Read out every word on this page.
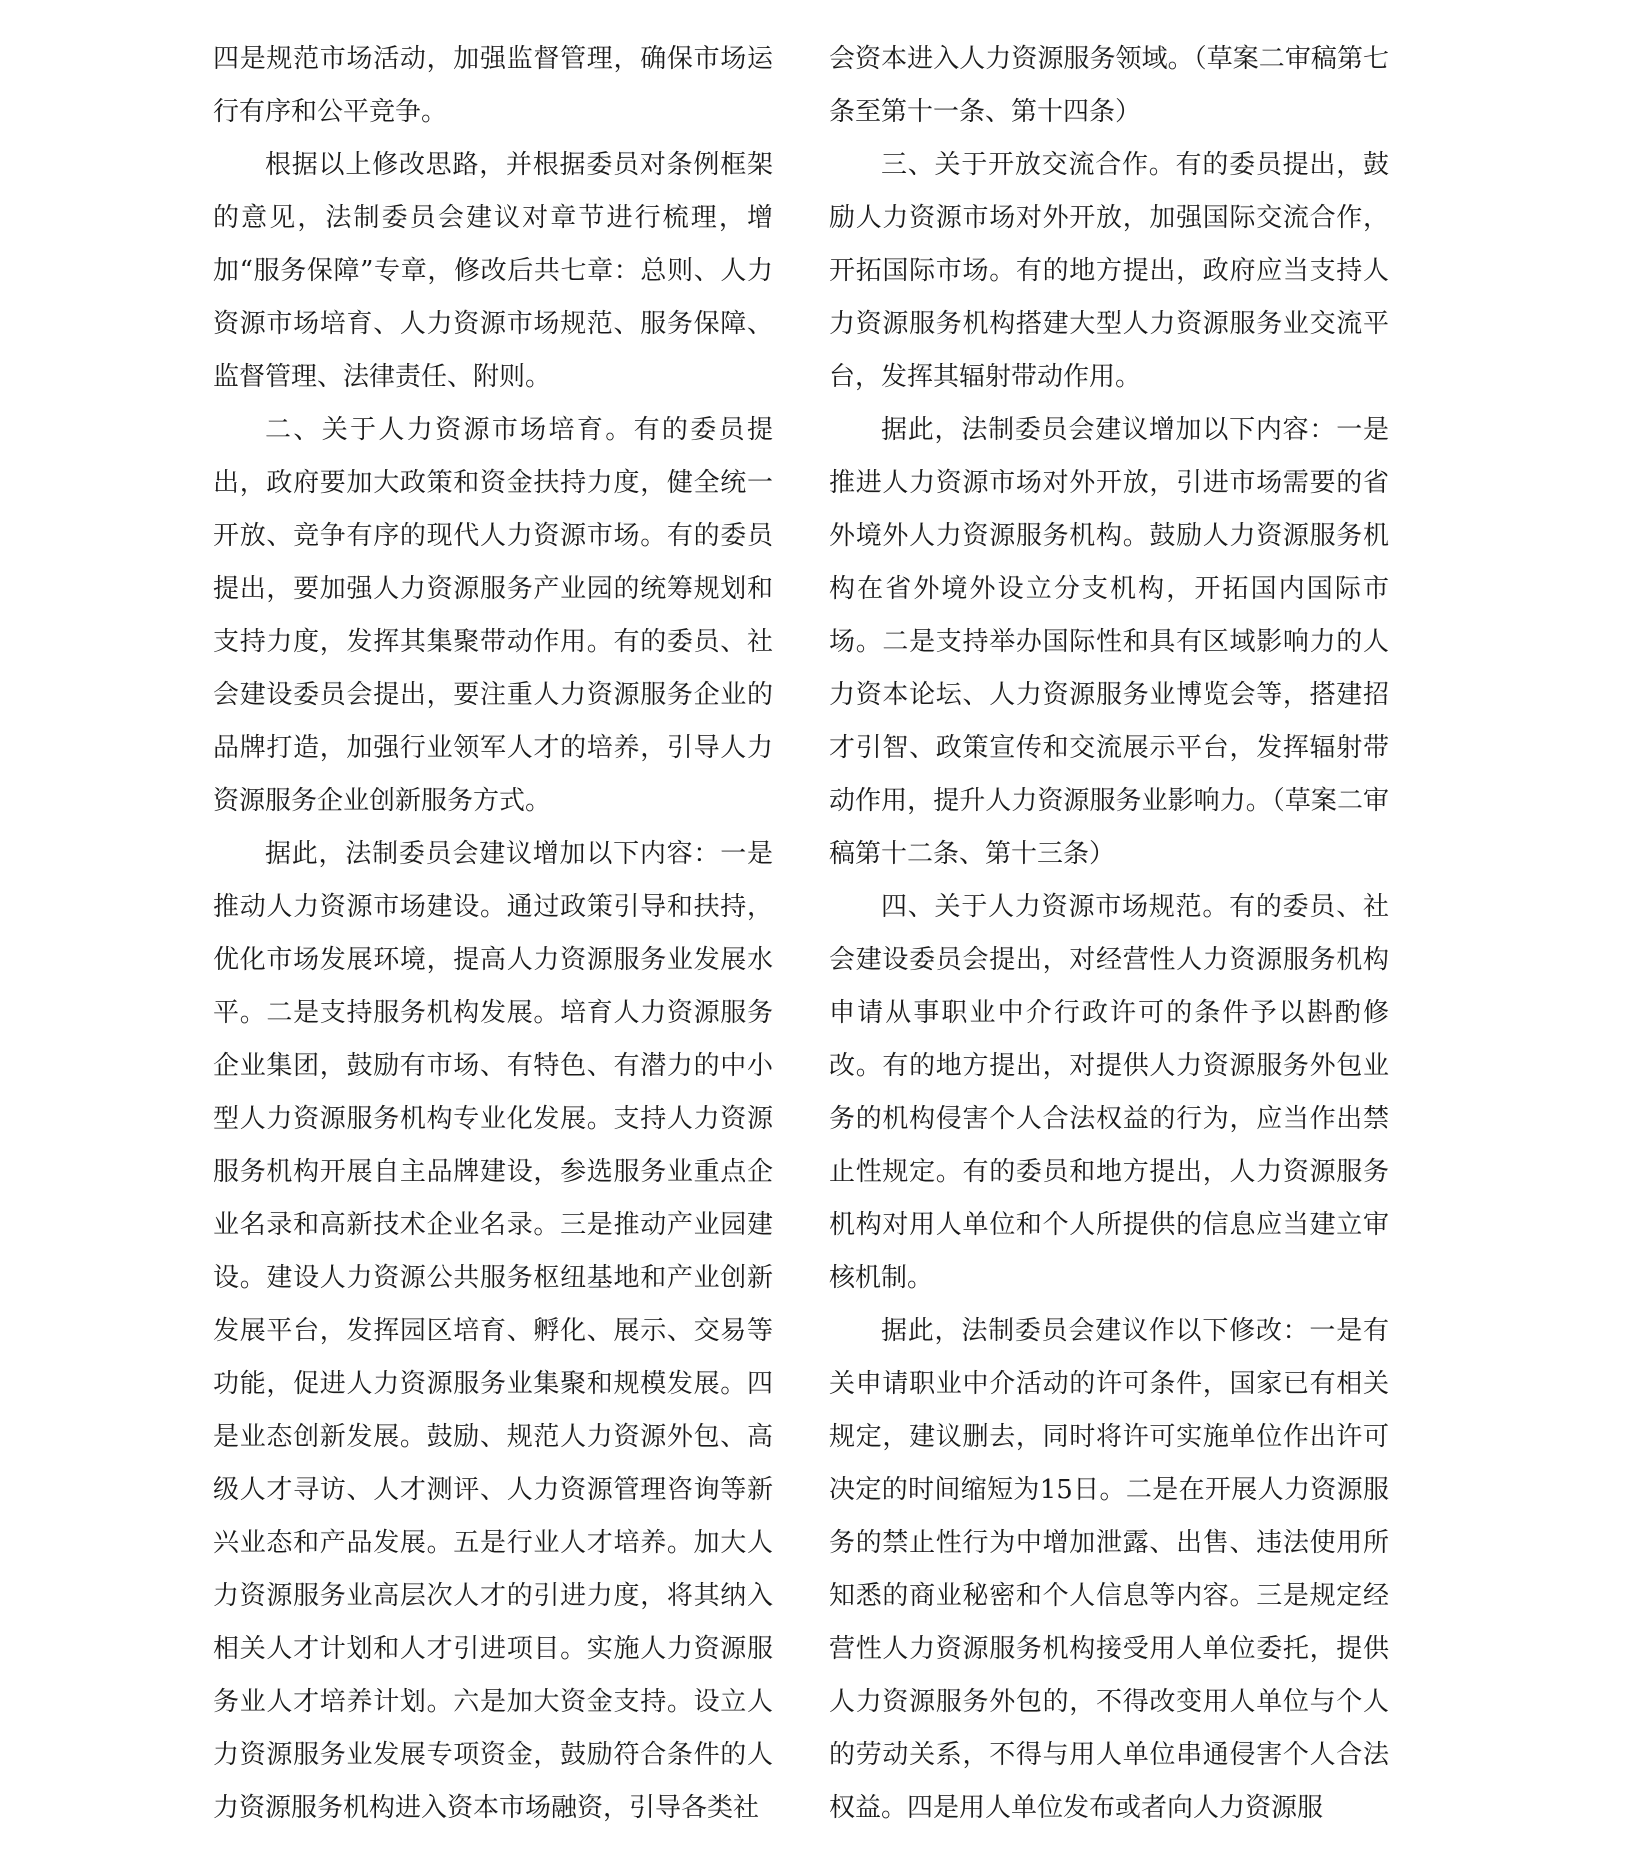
四是规范市场活动，加强监督管理，确保市场运行有序和公平竞争。

根据以上修改思路，并根据委员对条例框架的意见，法制委员会建议对章节进行梳理，增加“服务保障”专章，修改后共七章：总则、人力资源市场培育、人力资源市场规范、服务保障、监督管理、法律责任、附则。

二、关于人力资源市场培育。有的委员提出，政府要加大政策和资金扶持力度，健全统一开放、竞争有序的现代人力资源市场。有的委员提出，要加强人力资源服务产业园的统筹规划和支持力度，发挥其集聚带动作用。有的委员、社会建设委员会提出，要注重人力资源服务企业的品牌打造，加强行业领军人才的培养，引导人力资源服务企业创新服务方式。

据此，法制委员会建议增加以下内容：一是推动人力资源市场建设。通过政策引导和扶持，优化市场发展环境，提高人力资源服务业发展水平。二是支持服务机构发展。培育人力资源服务企业集团，鼓励有市场、有特色、有潜力的中小型人力资源服务机构专业化发展。支持人力资源服务机构开展自主品牌建设，参选服务业重点企业名录和高新技术企业名录。三是推动产业园建设。建设人力资源公共服务枢纽基地和产业创新发展平台，发挥园区培育、孵化、展示、交易等功能，促进人力资源服务业集聚和规模发展。四是业态创新发展。鼓励、规范人力资源外包、高级人才寻访、人才测评、人力资源管理咨询等新兴业态和产品发展。五是行业人才培养。加大人力资源服务业高层次人才的引进力度，将其纳入相关人才计划和人才引进项目。实施人力资源服务业人才培养计划。六是加大资金支持。设立人力资源服务业发展专项资金，鼓励符合条件的人力资源服务机构进入资本市场融资，引导各类社

会资本进入人力资源服务领域。（草案二审稿第七条至第十一条、第十四条）

三、关于开放交流合作。有的委员提出，鼓励人力资源市场对外开放，加强国际交流合作，开拓国际市场。有的地方提出，政府应当支持人力资源服务机构搭建大型人力资源服务业交流平台，发挥其辐射带动作用。

据此，法制委员会建议增加以下内容：一是推进人力资源市场对外开放，引进市场需要的省外境外人力资源服务机构。鼓励人力资源服务机构在省外境外设立分支机构，开拓国内国际市场。二是支持举办国际性和具有区域影响力的人力资本论坛、人力资源服务业博览会等，搭建招才引智、政策宣传和交流展示平台，发挥辐射带动作用，提升人力资源服务业影响力。（草案二审稿第十二条、第十三条）

四、关于人力资源市场规范。有的委员、社会建设委员会提出，对经营性人力资源服务机构申请从事职业中介行政许可的条件予以斟酌修改。有的地方提出，对提供人力资源服务外包业务的机构侵害个人合法权益的行为，应当作出禁止性规定。有的委员和地方提出，人力资源服务机构对用人单位和个人所提供的信息应当建立审核机制。

据此，法制委员会建议作以下修改：一是有关申请职业中介活动的许可条件，国家已有相关规定，建议删去，同时将许可实施单位作出许可决定的时间缩短为15日。二是在开展人力资源服务的禁止性行为中增加泄露、出售、违法使用所知悉的商业秘密和个人信息等内容。三是规定经营性人力资源服务机构接受用人单位委托，提供人力资源服务外包的，不得改变用人单位与个人的劳动关系，不得与用人单位串通侵害个人合法权益。四是用人单位发布或者向人力资源服
